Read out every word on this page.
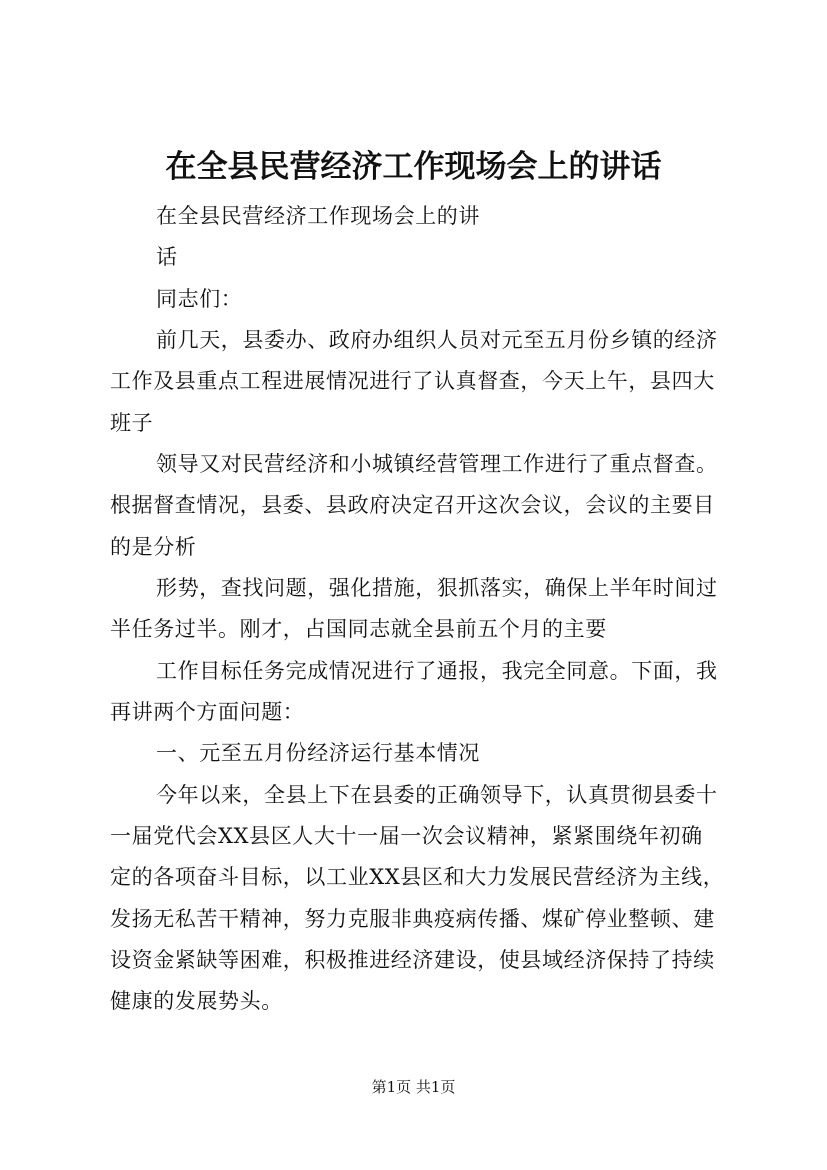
在全县民营经济工作现场会上的讲话
在全县民营经济工作现场会上的讲
话
同志们：
前几天，县委办、政府办组织人员对元至五月份乡镇的经济
工作及县重点工程进展情况进行了认真督查，今天上午，县四大
班子
领导又对民营经济和小城镇经营管理工作进行了重点督查。
根据督查情况，县委、县政府决定召开这次会议，会议的主要目
的是分析
形势，查找问题，强化措施，狠抓落实，确保上半年时间过
半任务过半。刚才，占国同志就全县前五个月的主要
工作目标任务完成情况进行了通报，我完全同意。下面，我
再讲两个方面问题：
一、元至五月份经济运行基本情况
今年以来，全县上下在县委的正确领导下，认真贯彻县委十
一届党代会XX县区人大十一届一次会议精神，紧紧围绕年初确
定的各项奋斗目标，以工业XX县区和大力发展民营经济为主线，
发扬无私苦干精神，努力克服非典疫病传播、煤矿停业整顿、建
设资金紧缺等困难，积极推进经济建设，使县域经济保持了持续
健康的发展势头。
第1页 共1页
